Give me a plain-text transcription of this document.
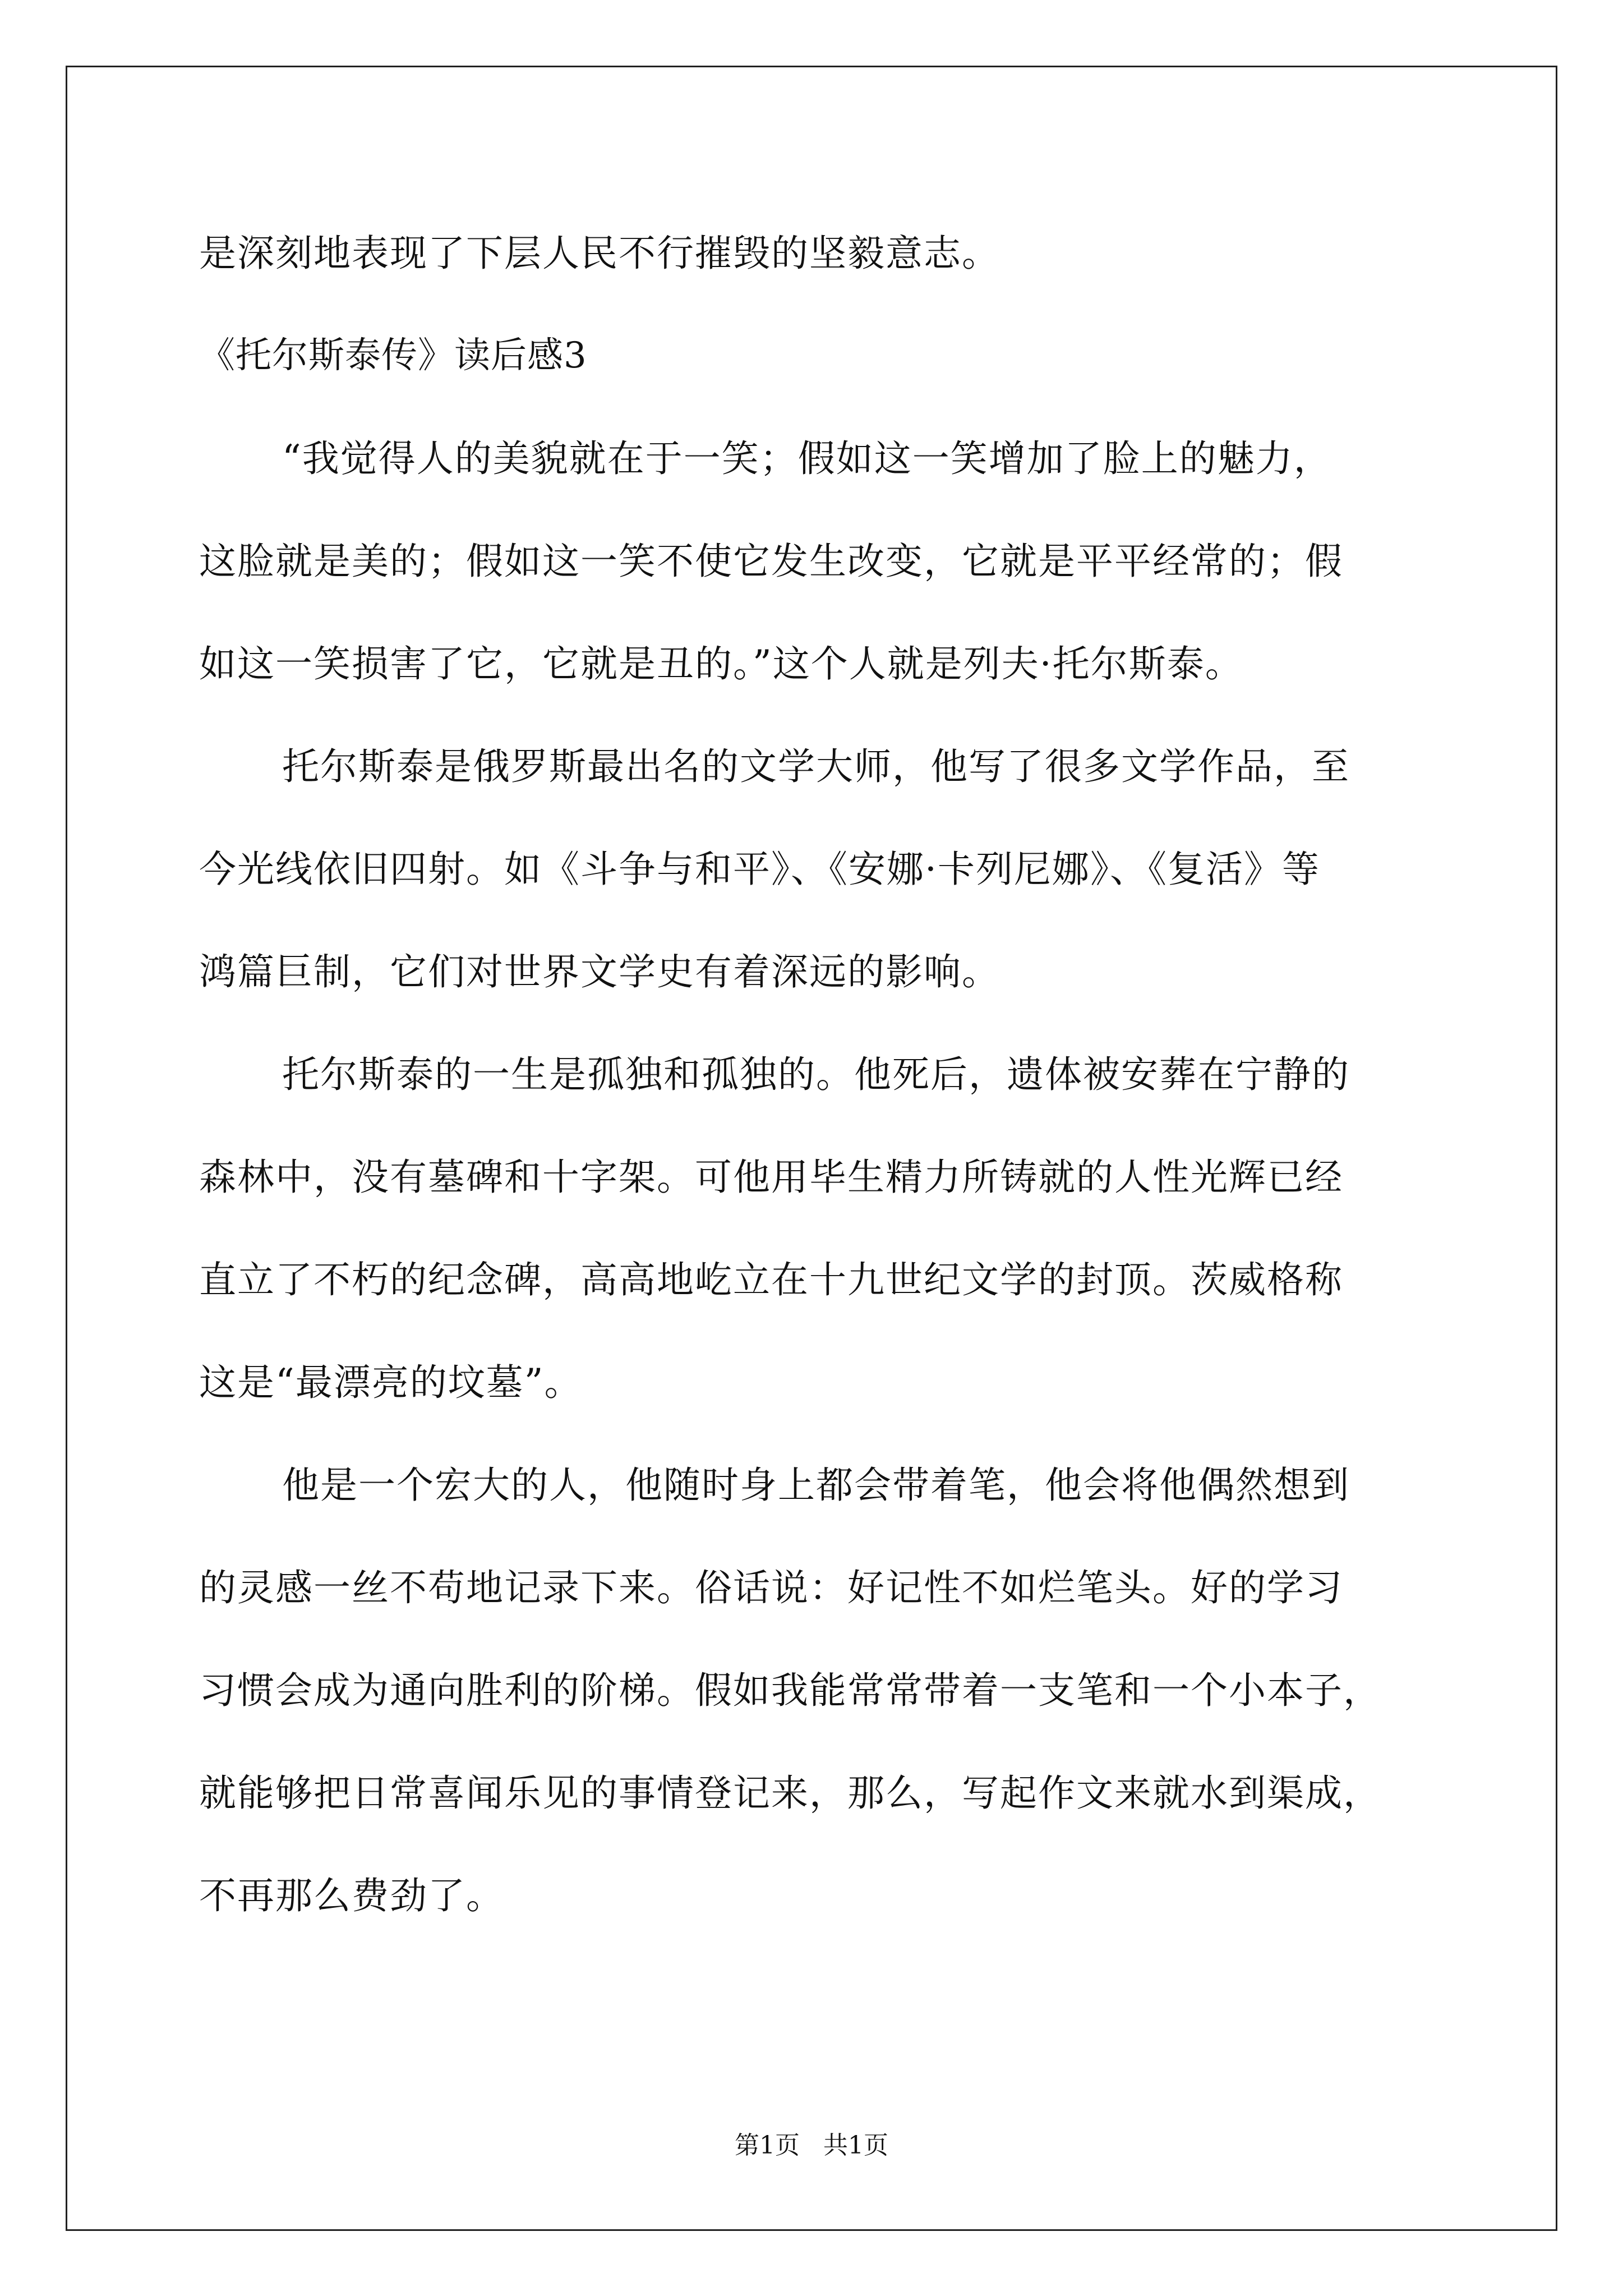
是深刻地表现了下层人民不行摧毁的坚毅意志。
《托尔斯泰传》读后感3
“我觉得人的美貌就在于一笑；假如这一笑增加了脸上的魅力，
这脸就是美的；假如这一笑不使它发生改变，它就是平平经常的；假
如这一笑损害了它，它就是丑的。”这个人就是列夫·托尔斯泰。
托尔斯泰是俄罗斯最出名的文学大师，他写了很多文学作品，至
今光线依旧四射。如《斗争与和平》、《安娜·卡列尼娜》、《复活》等
鸿篇巨制，它们对世界文学史有着深远的影响。
托尔斯泰的一生是孤独和孤独的。他死后，遗体被安葬在宁静的
森林中，没有墓碑和十字架。可他用毕生精力所铸就的人性光辉已经
直立了不朽的纪念碑，高高地屹立在十九世纪文学的封顶。茨威格称
这是“最漂亮的坟墓”。
他是一个宏大的人，他随时身上都会带着笔，他会将他偶然想到
的灵感一丝不苟地记录下来。俗话说：好记性不如烂笔头。好的学习
习惯会成为通向胜利的阶梯。假如我能常常带着一支笔和一个小本子，
就能够把日常喜闻乐见的事情登记来，那么，写起作文来就水到渠成，
不再那么费劲了。
第1页 共1页
